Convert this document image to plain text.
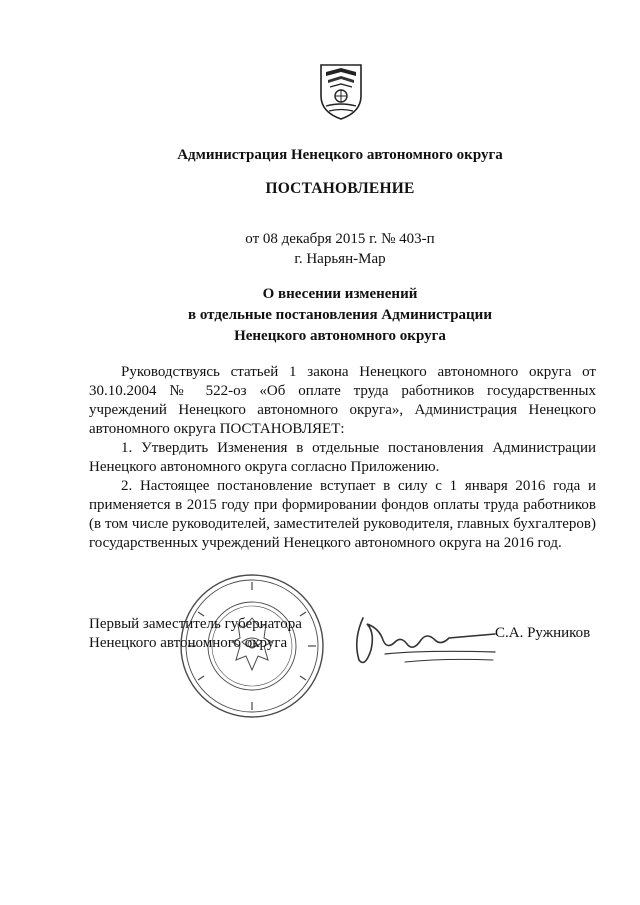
Администрация Ненецкого автономного округа
ПОСТАНОВЛЕНИЕ
от 08 декабря 2015 г. № 403-п
г. Нарьян-Мар
О внесении изменений
в отдельные постановления Администрации
Ненецкого автономного округа

Руководствуясь статьей 1 закона Ненецкого автономного округа от 30.10.2004 № 522-оз «Об оплате труда работников государственных учреждений Ненецкого автономного округа», Администрация Ненецкого автономного округа ПОСТАНОВЛЯЕТ:

1. Утвердить Изменения в отдельные постановления Администрации Ненецкого автономного округа согласно Приложению.

2. Настоящее постановление вступает в силу с 1 января 2016 года и применяется в 2015 году при формировании фондов оплаты труда работников (в том числе руководителей, заместителей руководителя, главных бухгалтеров) государственных учреждений Ненецкого автономного округа на 2016 год.

Первый заместитель губернатора
Ненецкого автономного округа
С.А. Ружников
